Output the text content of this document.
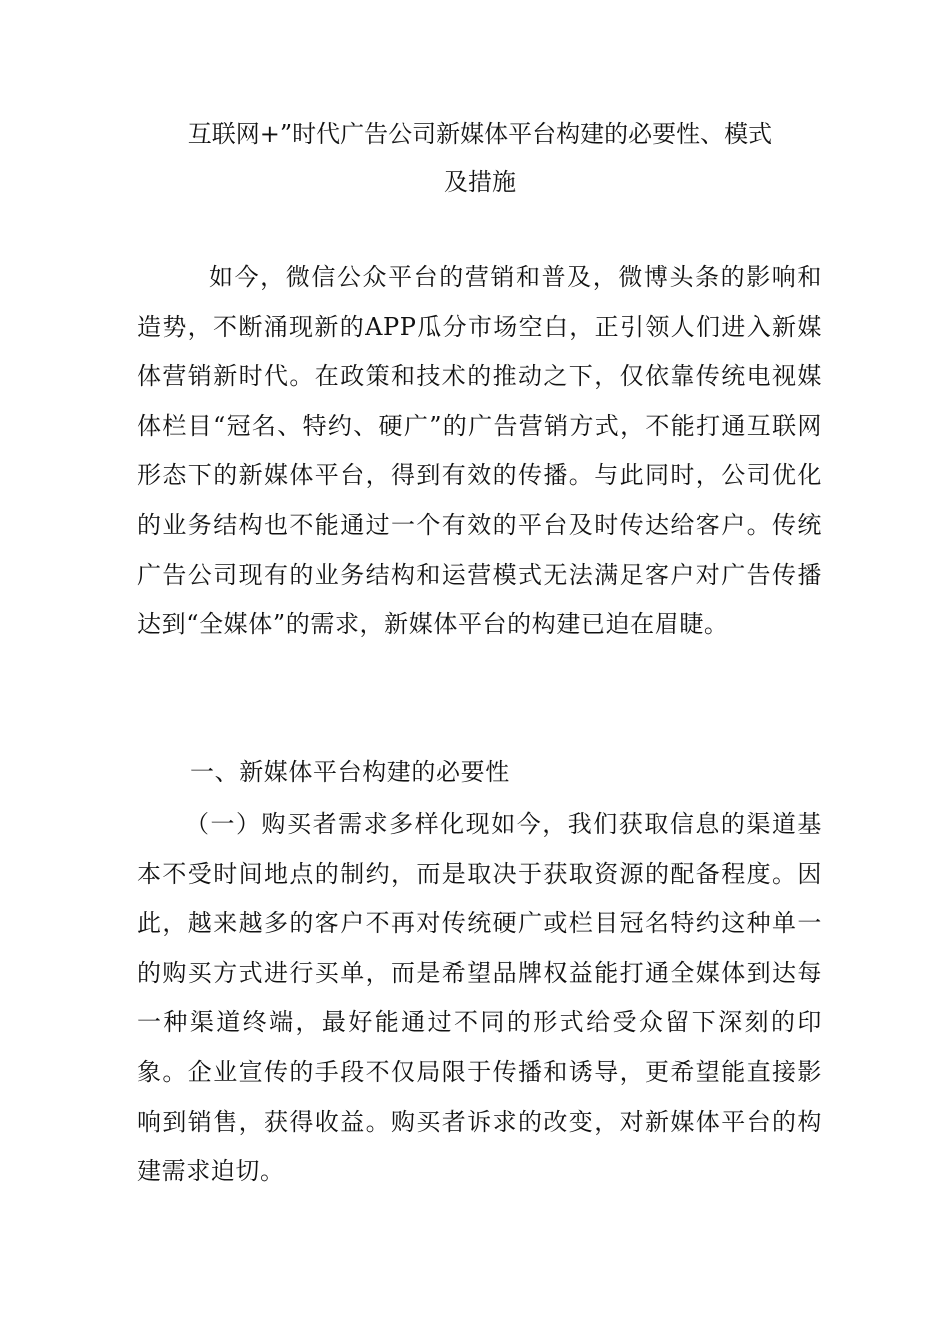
互联网+”时代广告公司新媒体平台构建的必要性、模式
及措施

如今，微信公众平台的营销和普及，微博头条的影响和造势，不断涌现新的APP瓜分市场空白，正引领人们进入新媒体营销新时代。在政策和技术的推动之下，仅依靠传统电视媒体栏目“冠名、特约、硬广”的广告营销方式，不能打通互联网形态下的新媒体平台，得到有效的传播。与此同时，公司优化的业务结构也不能通过一个有效的平台及时传达给客户。传统广告公司现有的业务结构和运营模式无法满足客户对广告传播达到“全媒体”的需求，新媒体平台的构建已迫在眉睫。

一、新媒体平台构建的必要性

（一）购买者需求多样化现如今，我们获取信息的渠道基本不受时间地点的制约，而是取决于获取资源的配备程度。因此，越来越多的客户不再对传统硬广或栏目冠名特约这种单一的购买方式进行买单，而是希望品牌权益能打通全媒体到达每一种渠道终端，最好能通过不同的形式给受众留下深刻的印象。企业宣传的手段不仅局限于传播和诱导，更希望能直接影响到销售，获得收益。购买者诉求的改变，对新媒体平台的构建需求迫切。
